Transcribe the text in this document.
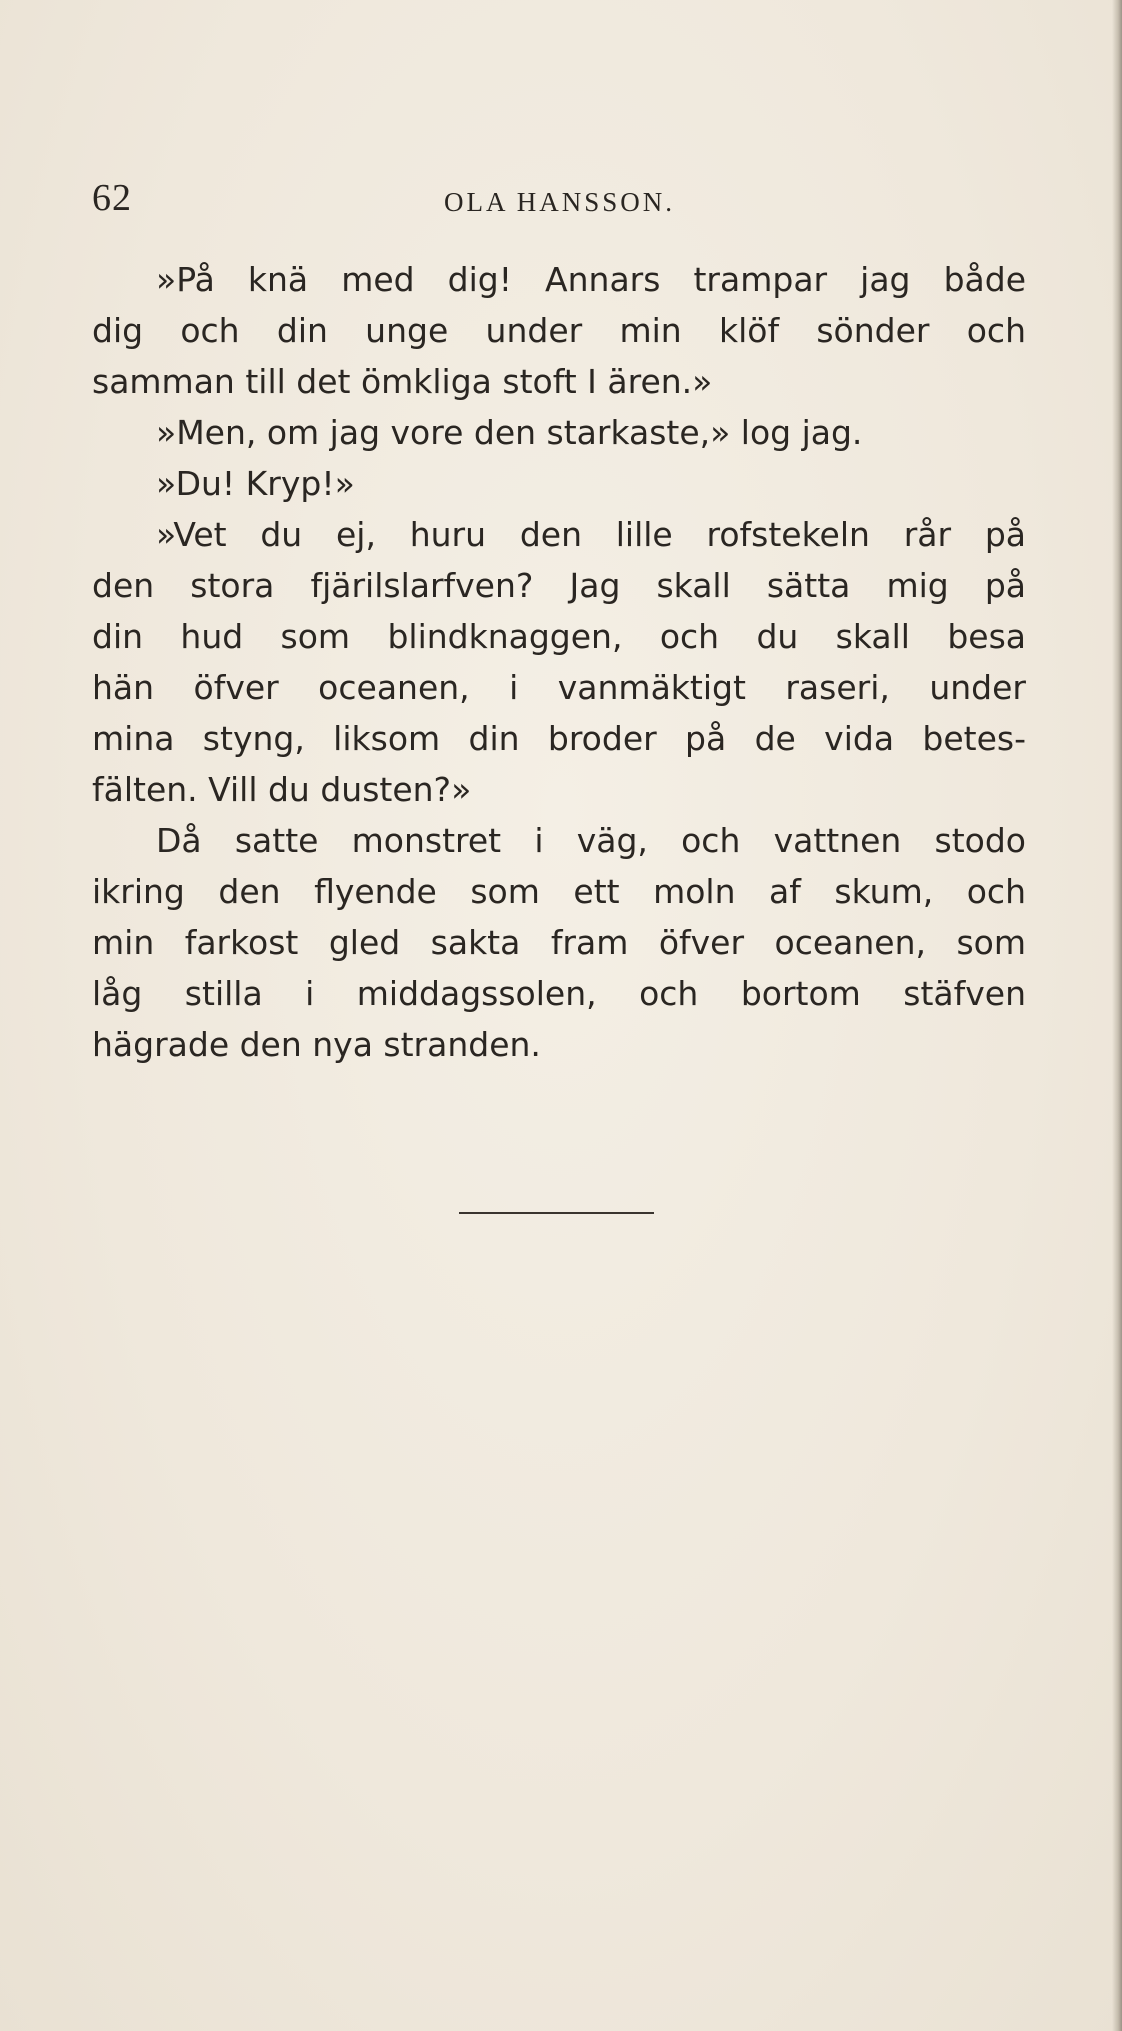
62	OLA HANSSON.
»På knä med dig! Annars trampar jag både
dig och din unge under min klöf sönder och
samman till det ömkliga stoft I ären.»
»Men, om jag vore den starkaste,» log jag.
»Du! Kryp!»
»Vet du ej, huru den lille rofstekeln rår på
den stora fjärilslarfven? Jag skall sätta mig på
din hud som blindknaggen, och du skall besa
hän öfver oceanen, i vanmäktigt raseri, under
mina styng, liksom din broder på de vida betes-
fälten. Vill du dusten?»
Då satte monstret i väg, och vattnen stodo
ikring den flyende som ett moln af skum, och
min farkost gled sakta fram öfver oceanen, som
låg stilla i middagssolen, och bortom stäfven
hägrade den nya stranden.
